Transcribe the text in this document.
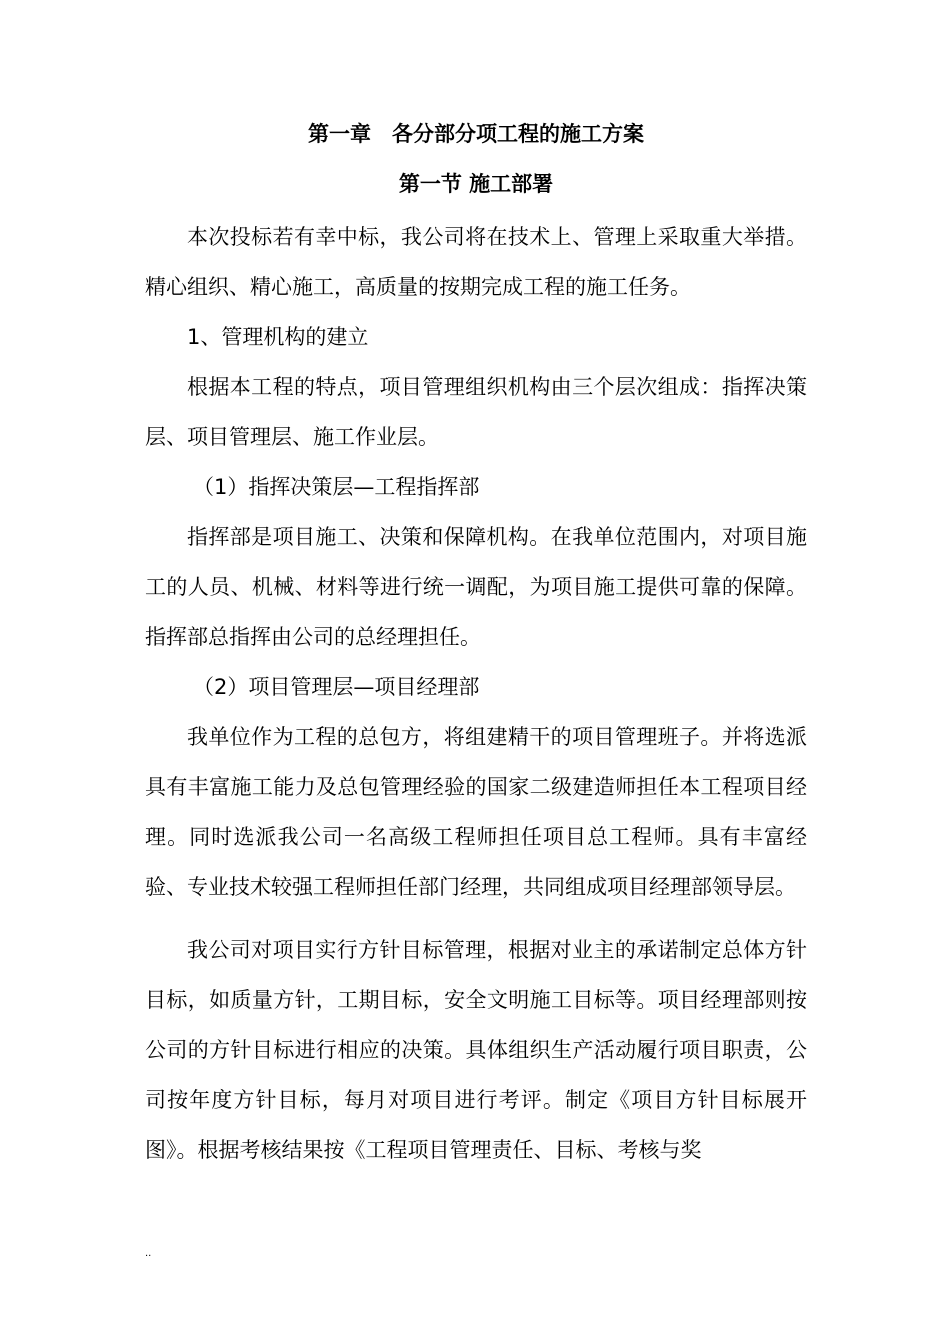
第一章　各分部分项工程的施工方案
第一节 施工部署

本次投标若有幸中标，我公司将在技术上、管理上采取重大举措。精心组织、精心施工，高质量的按期完成工程的施工任务。

1、管理机构的建立

根据本工程的特点，项目管理组织机构由三个层次组成：指挥决策层、项目管理层、施工作业层。

（1）指挥决策层—工程指挥部

指挥部是项目施工、决策和保障机构。在我单位范围内，对项目施工的人员、机械、材料等进行统一调配，为项目施工提供可靠的保障。指挥部总指挥由公司的总经理担任。

（2）项目管理层—项目经理部

我单位作为工程的总包方，将组建精干的项目管理班子。并将选派具有丰富施工能力及总包管理经验的国家二级建造师担任本工程项目经理。同时选派我公司一名高级工程师担任项目总工程师。具有丰富经验、专业技术较强工程师担任部门经理，共同组成项目经理部领导层。

我公司对项目实行方针目标管理，根据对业主的承诺制定总体方针目标，如质量方针，工期目标，安全文明施工目标等。项目经理部则按公司的方针目标进行相应的决策。具体组织生产活动履行项目职责，公司按年度方针目标，每月对项目进行考评。制定《项目方针目标展开图》。根据考核结果按《工程项目管理责任、目标、考核与奖

..
